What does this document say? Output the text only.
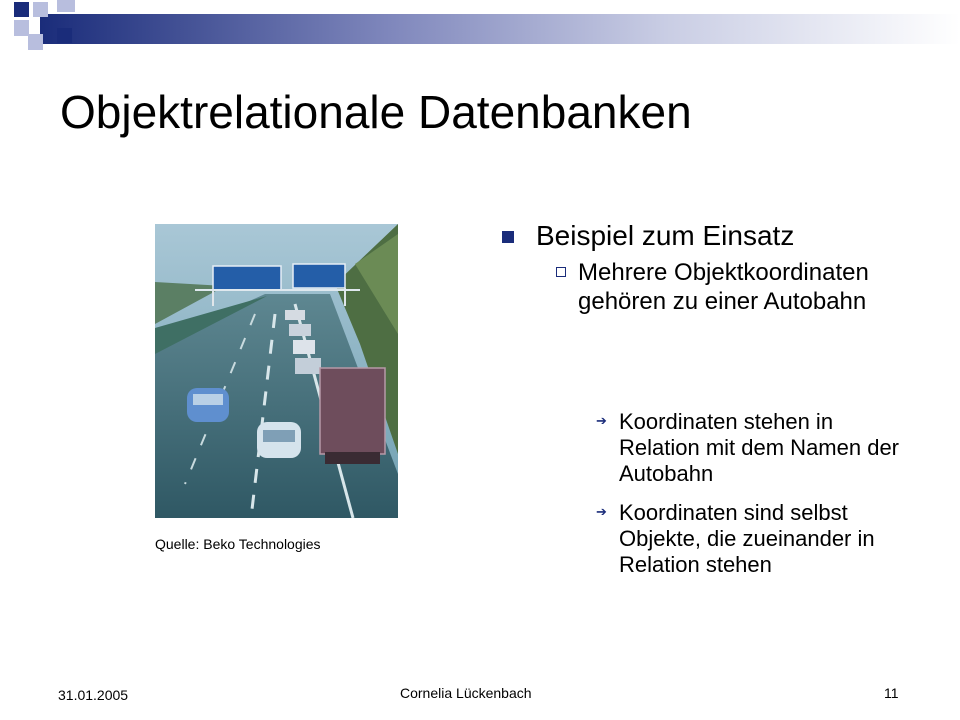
Objektrelationale Datenbanken
Quelle: Beko Technologies
Beispiel zum Einsatz
Mehrere Objektkoordinaten gehören zu einer Autobahn
➔ Koordinaten stehen in Relation mit dem Namen der Autobahn
➔ Koordinaten sind selbst Objekte, die zueinander in Relation stehen
31.01.2005	Cornelia Lückenbach	11
